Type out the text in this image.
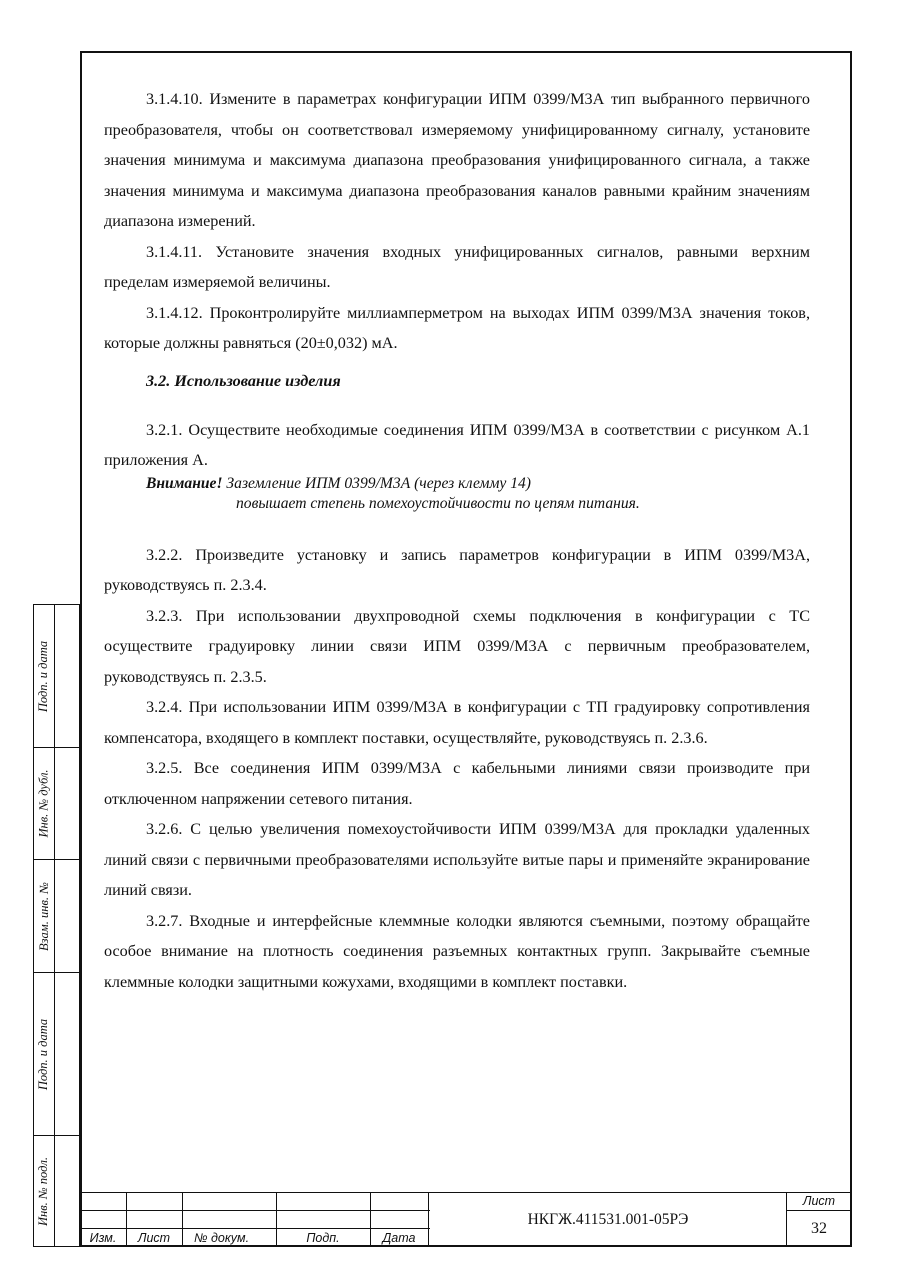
3.1.4.10. Измените в параметрах конфигурации ИПМ 0399/М3А тип выбранного первичного преобразователя, чтобы он соответствовал измеряемому унифицированному сигналу, установите значения минимума и максимума диапазона преобразования унифицированного сигнала, а также значения минимума и максимума диапазона преобразования каналов равными крайним значениям диапазона измерений.

3.1.4.11. Установите значения входных унифицированных сигналов, равными верхним пределам измеряемой величины.

3.1.4.12. Проконтролируйте миллиамперметром на выходах ИПМ 0399/М3А значения токов, которые должны равняться (20±0,032) мА.

3.2. Использование изделия

3.2.1. Осуществите необходимые соединения ИПМ 0399/М3А в соответствии с рисунком А.1 приложения А.

Внимание! Заземление ИПМ 0399/М3А (через клемму 14)
повышает степень помехоустойчивости по цепям питания.

3.2.2. Произведите установку и запись параметров конфигурации в ИПМ 0399/М3А, руководствуясь п. 2.3.4.

3.2.3. При использовании двухпроводной схемы подключения в конфигурации с ТС осуществите градуировку линии связи ИПМ 0399/М3А с первичным преобразователем, руководствуясь п. 2.3.5.

3.2.4. При использовании ИПМ 0399/М3А в конфигурации с ТП градуировку сопротивления компенсатора, входящего в комплект поставки, осуществляйте, руководствуясь п. 2.3.6.

3.2.5. Все соединения ИПМ 0399/М3А с кабельными линиями связи производите при отключенном напряжении сетевого питания.

3.2.6. С целью увеличения помехоустойчивости ИПМ 0399/М3А для прокладки удаленных линий связи с первичными преобразователями используйте витые пары и применяйте экранирование линий связи.

3.2.7. Входные и интерфейсные клеммные колодки являются съемными, поэтому обращайте особое внимание на плотность соединения разъемных контактных групп. Закрывайте съемные клеммные колодки защитными кожухами, входящими в комплект поставки.

Подп. и дата
Инв. № дубл.
Взам. инв. №
Подп. и дата
Инв. № подл.
Изм.	Лист	№ докум.	Подп.	Дата
НКГЖ.411531.001-05РЭ
Лист
32
